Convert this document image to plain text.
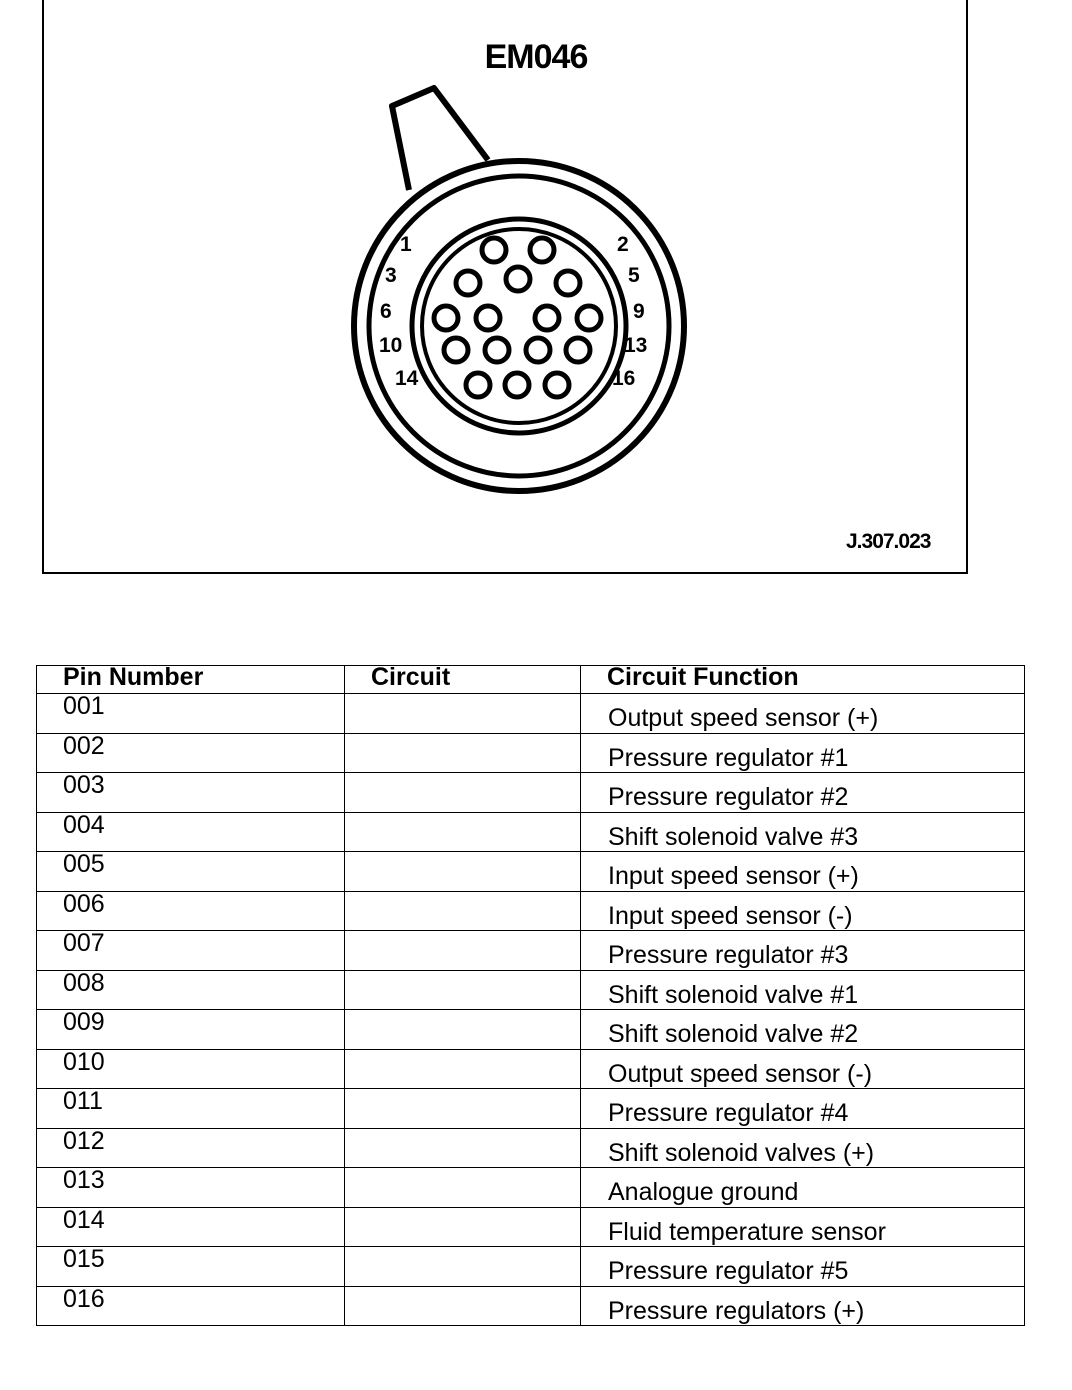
1	2
3	5
6	9
10	13
14	16
EM046
J.307.023
Pin Number	Circuit	Circuit Function
001		Output speed sensor (+)
002		Pressure regulator #1
003		Pressure regulator #2
004		Shift solenoid valve #3
005		Input speed sensor (+)
006		Input speed sensor (-)
007		Pressure regulator #3
008		Shift solenoid valve #1
009		Shift solenoid valve #2
010		Output speed sensor (-)
011		Pressure regulator #4
012		Shift solenoid valves (+)
013		Analogue ground
014		Fluid temperature sensor
015		Pressure regulator #5
016		Pressure regulators (+)
